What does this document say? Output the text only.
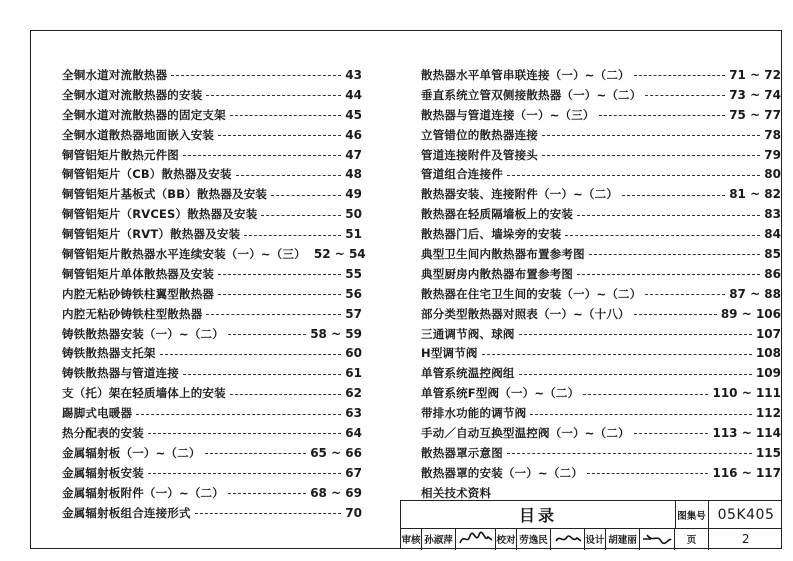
全铜水道对流散热器	43
全铜水道对流散热器的安装	44
全铜水道对流散热器的固定支架	45
全铜水道散热器地面嵌入安装	46
铜管铝矩片散热元件图	47
铜管铝矩片（CB）散热器及安装	48
铜管铝矩片基板式（BB）散热器及安装	49
铜管铝矩片（RVCES）散热器及安装	50
铜管铝矩片（RVT）散热器及安装	51
铜管铝矩片散热器水平连续安装（一）~（三） 52 ~ 54
铜管铝矩片单体散热器及安装	55
内腔无粘砂铸铁柱翼型散热器	56
内腔无粘砂铸铁柱型散热器	57
铸铁散热器安装（一）~（二）	58 ~ 59
铸铁散热器支托架	60
铸铁散热器与管道连接	61
支（托）架在轻质墙体上的安装	62
踢脚式电暖器	63
热分配表的安装	64
金属辐射板（一）~（二）	65 ~ 66
金属辐射板安装	67
金属辐射板附件（一）~（二）	68 ~ 69
金属辐射板组合连接形式	70
散热器水平单管串联连接（一）~（二）	71 ~ 72
垂直系统立管双侧接散热器（一）~（二）	73 ~ 74
散热器与管道连接（一）~（三）	75 ~ 77
立管错位的散热器连接	78
管道连接附件及管接头	79
管道组合连接件	80
散热器安装、连接附件（一）~（二）	81 ~ 82
散热器在轻质隔墙板上的安装	83
散热器门后、墙垛旁的安装	84
典型卫生间内散热器布置参考图	85
典型厨房内散热器布置参考图	86
散热器在住宅卫生间的安装（一）~（二）	87 ~ 88
部分类型散热器对照表（一）~（十八）	89 ~ 106
三通调节阀、球阀	107
H型调节阀	108
单管系统温控阀组	109
单管系统F型阀（一）~（二）	110 ~ 111
带排水功能的调节阀	112
手动／自动互换型温控阀（一）~（二）	113 ~ 114
散热器罩示意图	115
散热器罩的安装（一）~（二）	116 ~ 117
相关技术资料
目录	图集号 05K405
审核 孙淑萍	校对 劳逸民	设计 胡建丽	页	2
